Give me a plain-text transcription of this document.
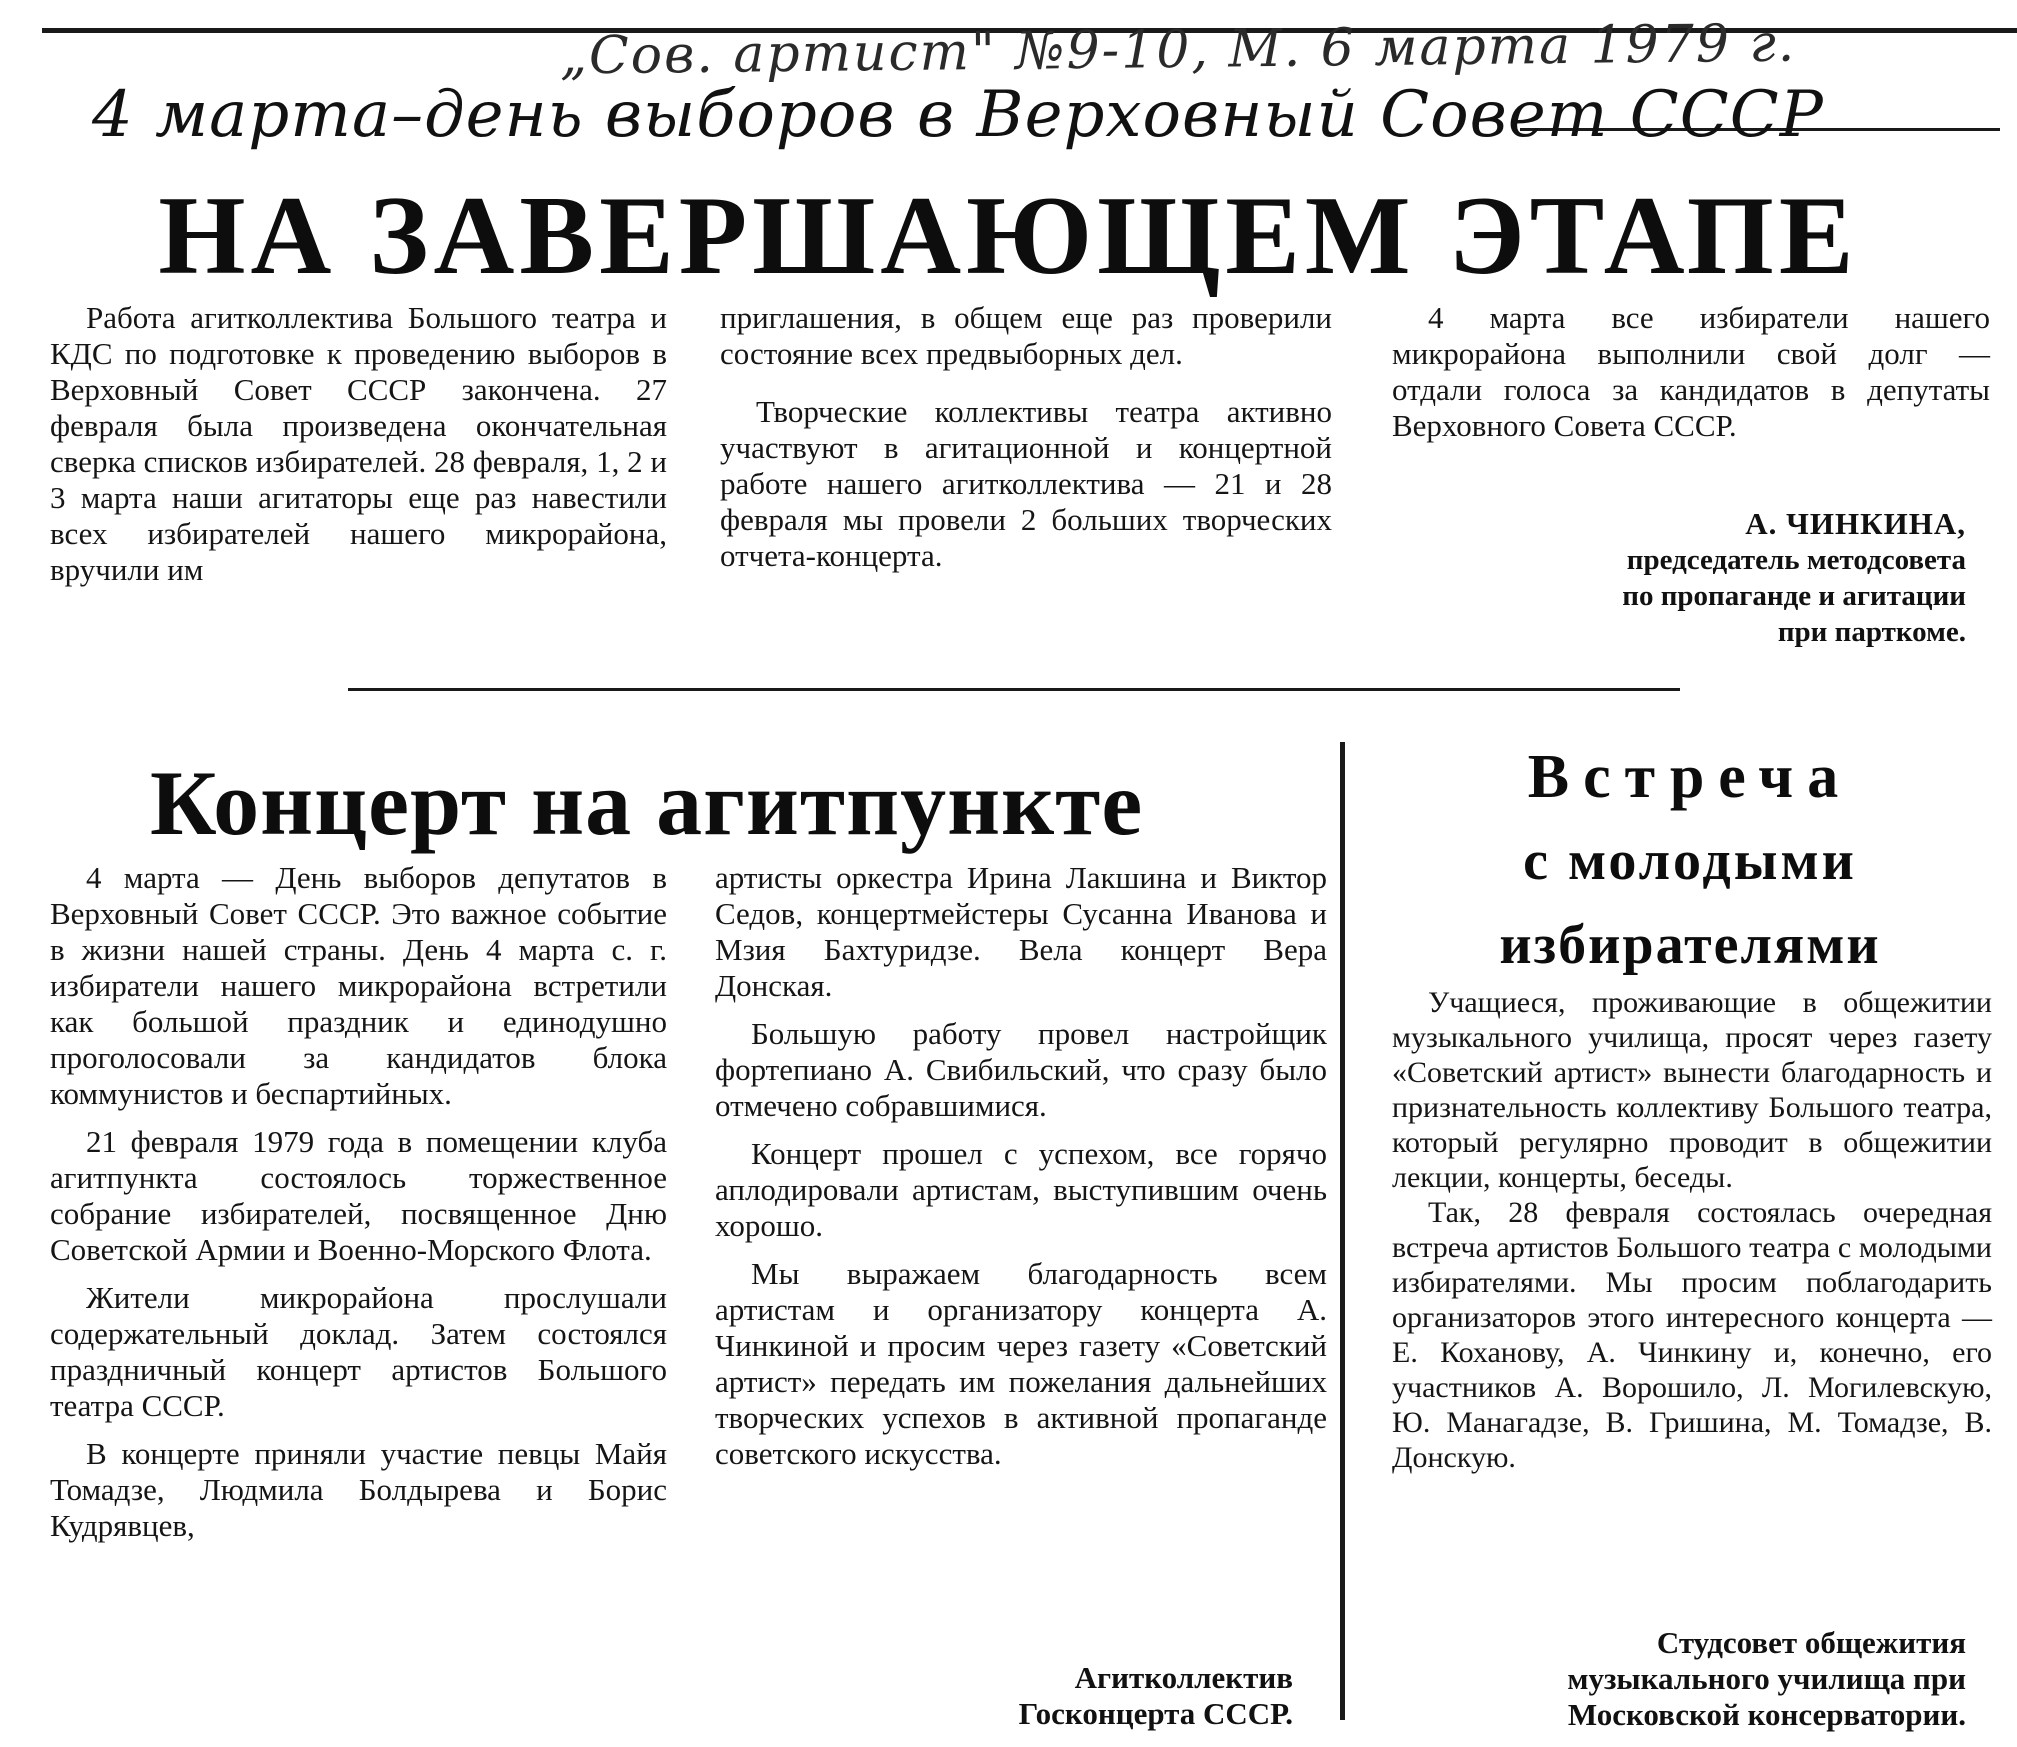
„Сов. артист" №9-10, М. 6 марта 1979 г.
4 марта–день выборов в Верховный Совет СССР
НА ЗАВЕРШАЮЩЕМ ЭТАПЕ

Работа агитколлектива Большого театра и КДС по подготовке к проведению выборов в Верховный Совет СССР закончена. 27 февраля была произведена окончательная сверка списков избирателей. 28 февраля, 1, 2 и 3 марта наши агитаторы еще раз навестили всех избирателей нашего микрорайона, вручили им

приглашения, в общем еще раз проверили состояние всех предвыборных дел.

Творческие коллективы театра активно участвуют в агитационной и концертной работе нашего агитколлектива — 21 и 28 февраля мы провели 2 больших творческих отчета-концерта.

4 марта все избиратели нашего микрорайона выполнили свой долг — отдали голоса за кандидатов в депутаты Верховного Совета СССР.

А. ЧИНКИНА,
председатель методсовета
по пропаганде и агитации
при парткоме.
Концерт на агитпункте

4 марта — День выборов депутатов в Верховный Совет СССР. Это важное событие в жизни нашей страны. День 4 марта с. г. избиратели нашего микрорайона встретили как большой праздник и единодушно проголосовали за кандидатов блока коммунистов и беспартийных.

21 февраля 1979 года в помещении клуба агитпункта состоялось торжественное собрание избирателей, посвященное Дню Советской Армии и Военно-Морского Флота.

Жители микрорайона прослушали содержательный доклад. Затем состоялся праздничный концерт артистов Большого театра СССР.

В концерте приняли участие певцы Майя Томадзе, Людмила Болдырева и Борис Кудрявцев,

артисты оркестра Ирина Лакшина и Виктор Седов, концертмейстеры Сусанна Иванова и Мзия Бахтуридзе. Вела концерт Вера Донская.

Большую работу провел настройщик фортепиано А. Свибильский, что сразу было отмечено собравшимися.

Концерт прошел с успехом, все горячо аплодировали артистам, выступившим очень хорошо.

Мы выражаем благодарность всем артистам и организатору концерта А. Чинкиной и просим через газету «Советский артист» передать им пожелания дальнейших творческих успехов в активной пропаганде советского искусства.

Агитколлектив
Госконцерта СССР.
Встреча
с молодыми
избирателями

Учащиеся, проживающие в общежитии музыкального училища, просят через газету «Советский артист» вынести благодарность и признательность коллективу Большого театра, который регулярно проводит в общежитии лекции, концерты, беседы.

Так, 28 февраля состоялась очередная встреча артистов Большого театра с молодыми избирателями. Мы просим поблагодарить организаторов этого интересного концерта — Е. Коханову, А. Чинкину и, конечно, его участников А. Ворошило, Л. Могилевскую, Ю. Манагадзе, В. Гришина, М. Томадзе, В. Донскую.

Студсовет общежития
музыкального училища при
Московской консерватории.
